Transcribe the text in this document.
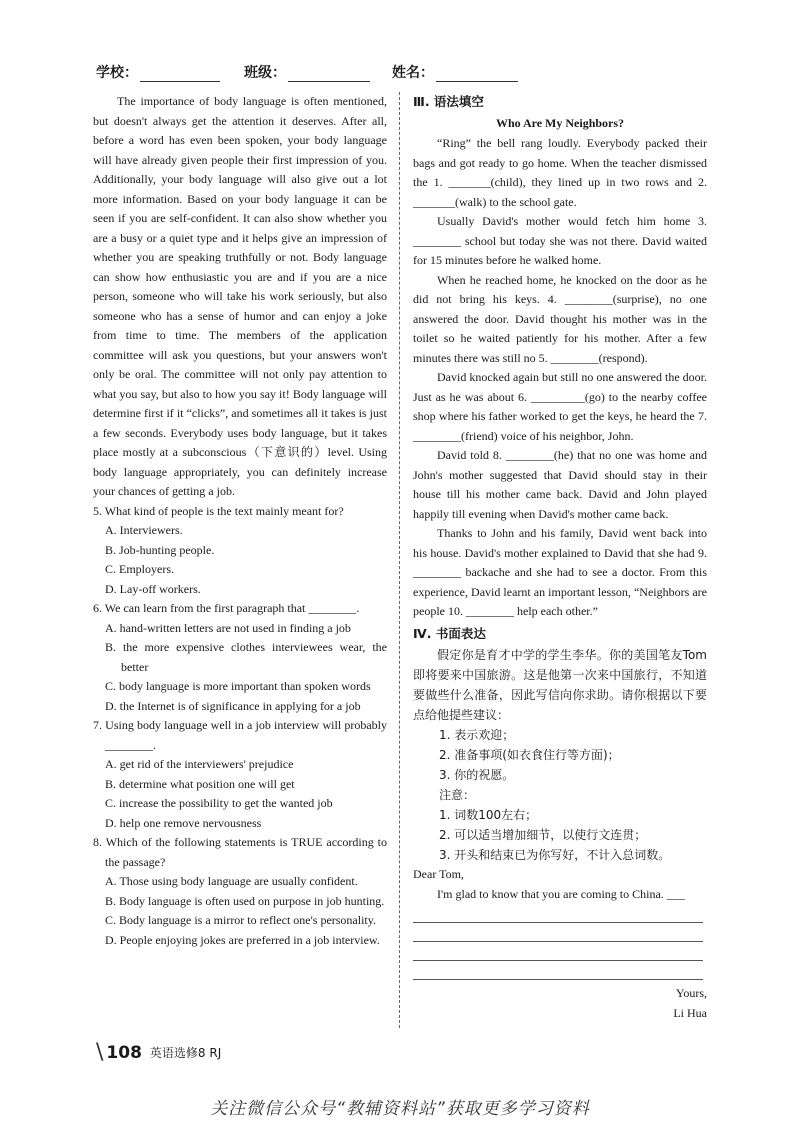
学校：	班级：	姓名：

The importance of body language is often mentioned, but doesn't always get the attention it deserves. After all, before a word has even been spoken, your body language will have already given people their first impression of you. Additionally, your body language will also give out a lot more information. Based on your body language it can be seen if you are self-confident. It can also show whether you are a busy or a quiet type and it helps give an impression of whether you are speaking truthfully or not. Body language can show how enthusiastic you are and if you are a nice person, someone who will take his work seriously, but also someone who has a sense of humor and can enjoy a joke from time to time. The members of the application committee will ask you questions, but your answers won't only be oral. The committee will not only pay attention to what you say, but also to how you say it! Body language will determine first if it “clicks”, and sometimes all it takes is just a few seconds. Everybody uses body language, but it takes place mostly at a subconscious（下意识的）level. Using body language appropriately, you can definitely increase your chances of getting a job.

5. What kind of people is the text mainly meant for?

A. Interviewers.

B. Job-hunting people.

C. Employers.

D. Lay-off workers.

6. We can learn from the first paragraph that ________.

A. hand-written letters are not used in finding a job

B. the more expensive clothes interviewees wear, the better

C. body language is more important than spoken words

D. the Internet is of significance in applying for a job

7. Using body language well in a job interview will probably ________.

A. get rid of the interviewers' prejudice

B. determine what position one will get

C. increase the possibility to get the wanted job

D. help one remove nervousness

8. Which of the following statements is TRUE according to the passage?

A. Those using body language are usually confident.

B. Body language is often used on purpose in job hunting.

C. Body language is a mirror to reflect one's personality.

D. People enjoying jokes are preferred in a job interview.

Ⅲ. 语法填空

Who Are My Neighbors?

“Ring” the bell rang loudly. Everybody packed their bags and got ready to go home. When the teacher dismissed the 1. _______(child), they lined up in two rows and 2. _______(walk) to the school gate.

Usually David's mother would fetch him home 3. ________ school but today she was not there. David waited for 15 minutes before he walked home.

When he reached home, he knocked on the door as he did not bring his keys. 4. ________(surprise), no one answered the door. David thought his mother was in the toilet so he waited patiently for his mother. After a few minutes there was still no 5. ________(respond).

David knocked again but still no one answered the door. Just as he was about 6. _________(go) to the nearby coffee shop where his father worked to get the keys, he heard the 7. ________(friend) voice of his neighbor, John.

David told 8. ________(he) that no one was home and John's mother suggested that David should stay in their house till his mother came back. David and John played happily till evening when David's mother came back.

Thanks to John and his family, David went back into his house. David's mother explained to David that she had 9. ________ backache and she had to see a doctor. From this experience, David learnt an important lesson, “Neighbors are people 10. ________ help each other.”

Ⅳ. 书面表达

假定你是育才中学的学生李华。你的美国笔友Tom即将要来中国旅游。这是他第一次来中国旅行，不知道要做些什么准备，因此写信向你求助。请你根据以下要点给他提些建议：

1. 表示欢迎；

2. 准备事项(如衣食住行等方面)；

3. 你的祝愿。

注意：

1. 词数100左右；

2. 可以适当增加细节，以使行文连贯；

3. 开头和结束已为你写好，不计入总词数。

Dear Tom,

I'm glad to know that you are coming to China. ___

Yours,

Li Hua

\ 108 英语选修8 RJ
关注微信公众号“教辅资料站”获取更多学习资料
